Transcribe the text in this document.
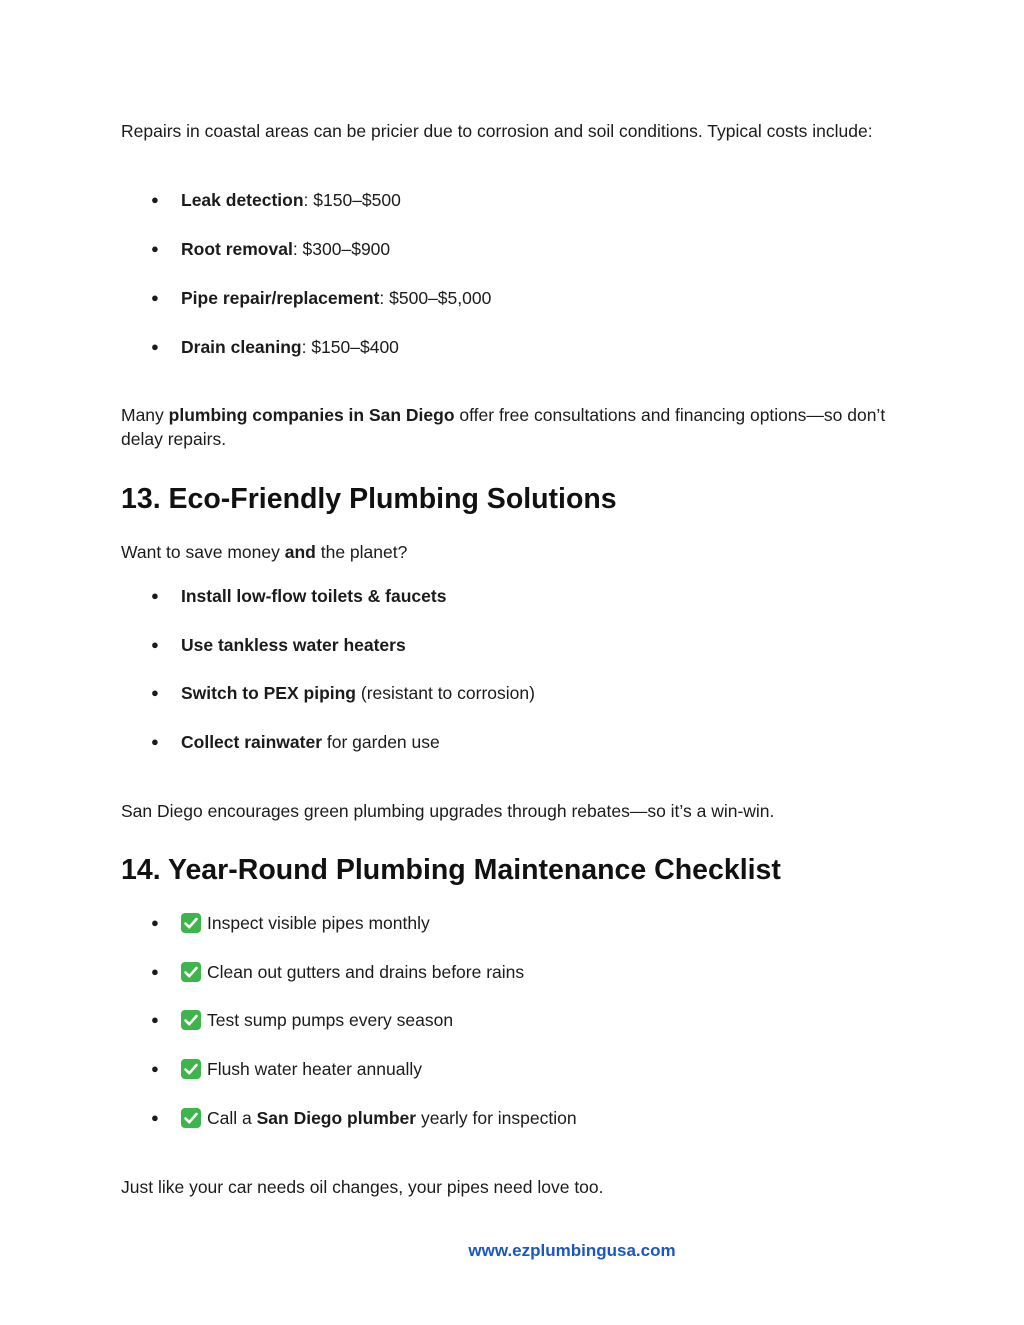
Repairs in coastal areas can be pricier due to corrosion and soil conditions. Typical costs include:

● Leak detection: $150–$500
● Root removal: $300–$900
● Pipe repair/replacement: $500–$5,000
● Drain cleaning: $150–$400

Many plumbing companies in San Diego offer free consultations and financing options—so don’t delay repairs.

13. Eco-Friendly Plumbing Solutions

Want to save money and the planet?

● Install low-flow toilets & faucets
● Use tankless water heaters
● Switch to PEX piping (resistant to corrosion)
● Collect rainwater for garden use

San Diego encourages green plumbing upgrades through rebates—so it’s a win-win.

14. Year-Round Plumbing Maintenance Checklist
●	Inspect visible pipes monthly
●	Clean out gutters and drains before rains
●	Test sump pumps every season
●	Flush water heater annually
●	Call a San Diego plumber yearly for inspection

Just like your car needs oil changes, your pipes need love too.

www.ezplumbingusa.com
